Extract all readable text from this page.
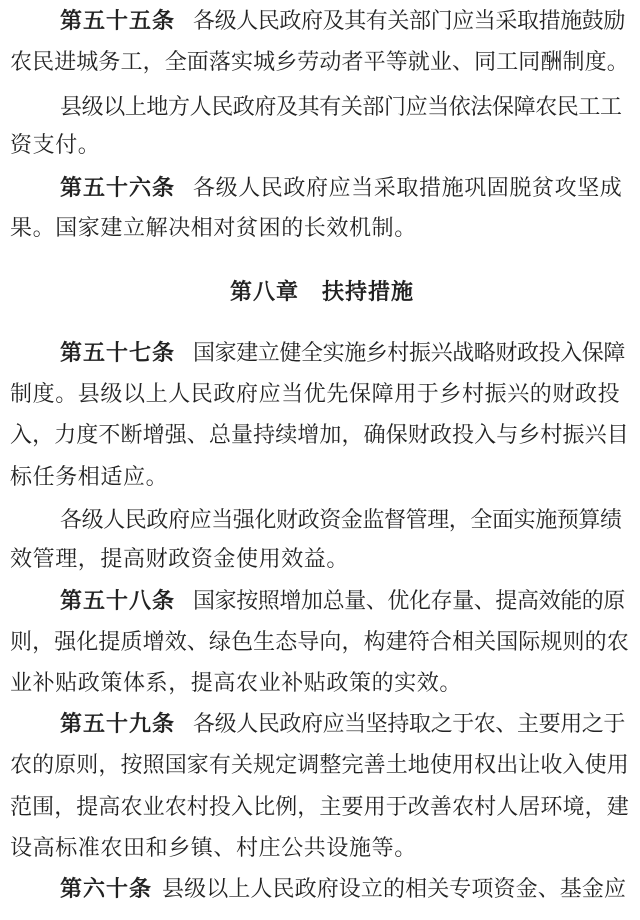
第五十五条 各级人民政府及其有关部门应当采取措施鼓励
农民进城务工，全面落实城乡劳动者平等就业、同工同酬制度。
县级以上地方人民政府及其有关部门应当依法保障农民工工
资支付。
第五十六条 各级人民政府应当采取措施巩固脱贫攻坚成
果。国家建立解决相对贫困的长效机制。
第八章 扶持措施
第五十七条 国家建立健全实施乡村振兴战略财政投入保障
制度。县级以上人民政府应当优先保障用于乡村振兴的财政投
入，力度不断增强、总量持续增加，确保财政投入与乡村振兴目
标任务相适应。
各级人民政府应当强化财政资金监督管理，全面实施预算绩
效管理，提高财政资金使用效益。
第五十八条 国家按照增加总量、优化存量、提高效能的原
则，强化提质增效、绿色生态导向，构建符合相关国际规则的农
业补贴政策体系，提高农业补贴政策的实效。
第五十九条 各级人民政府应当坚持取之于农、主要用之于
农的原则，按照国家有关规定调整完善土地使用权出让收入使用
范围，提高农业农村投入比例，主要用于改善农村人居环境，建
设高标准农田和乡镇、村庄公共设施等。
第六十条 县级以上人民政府设立的相关专项资金、基金应
